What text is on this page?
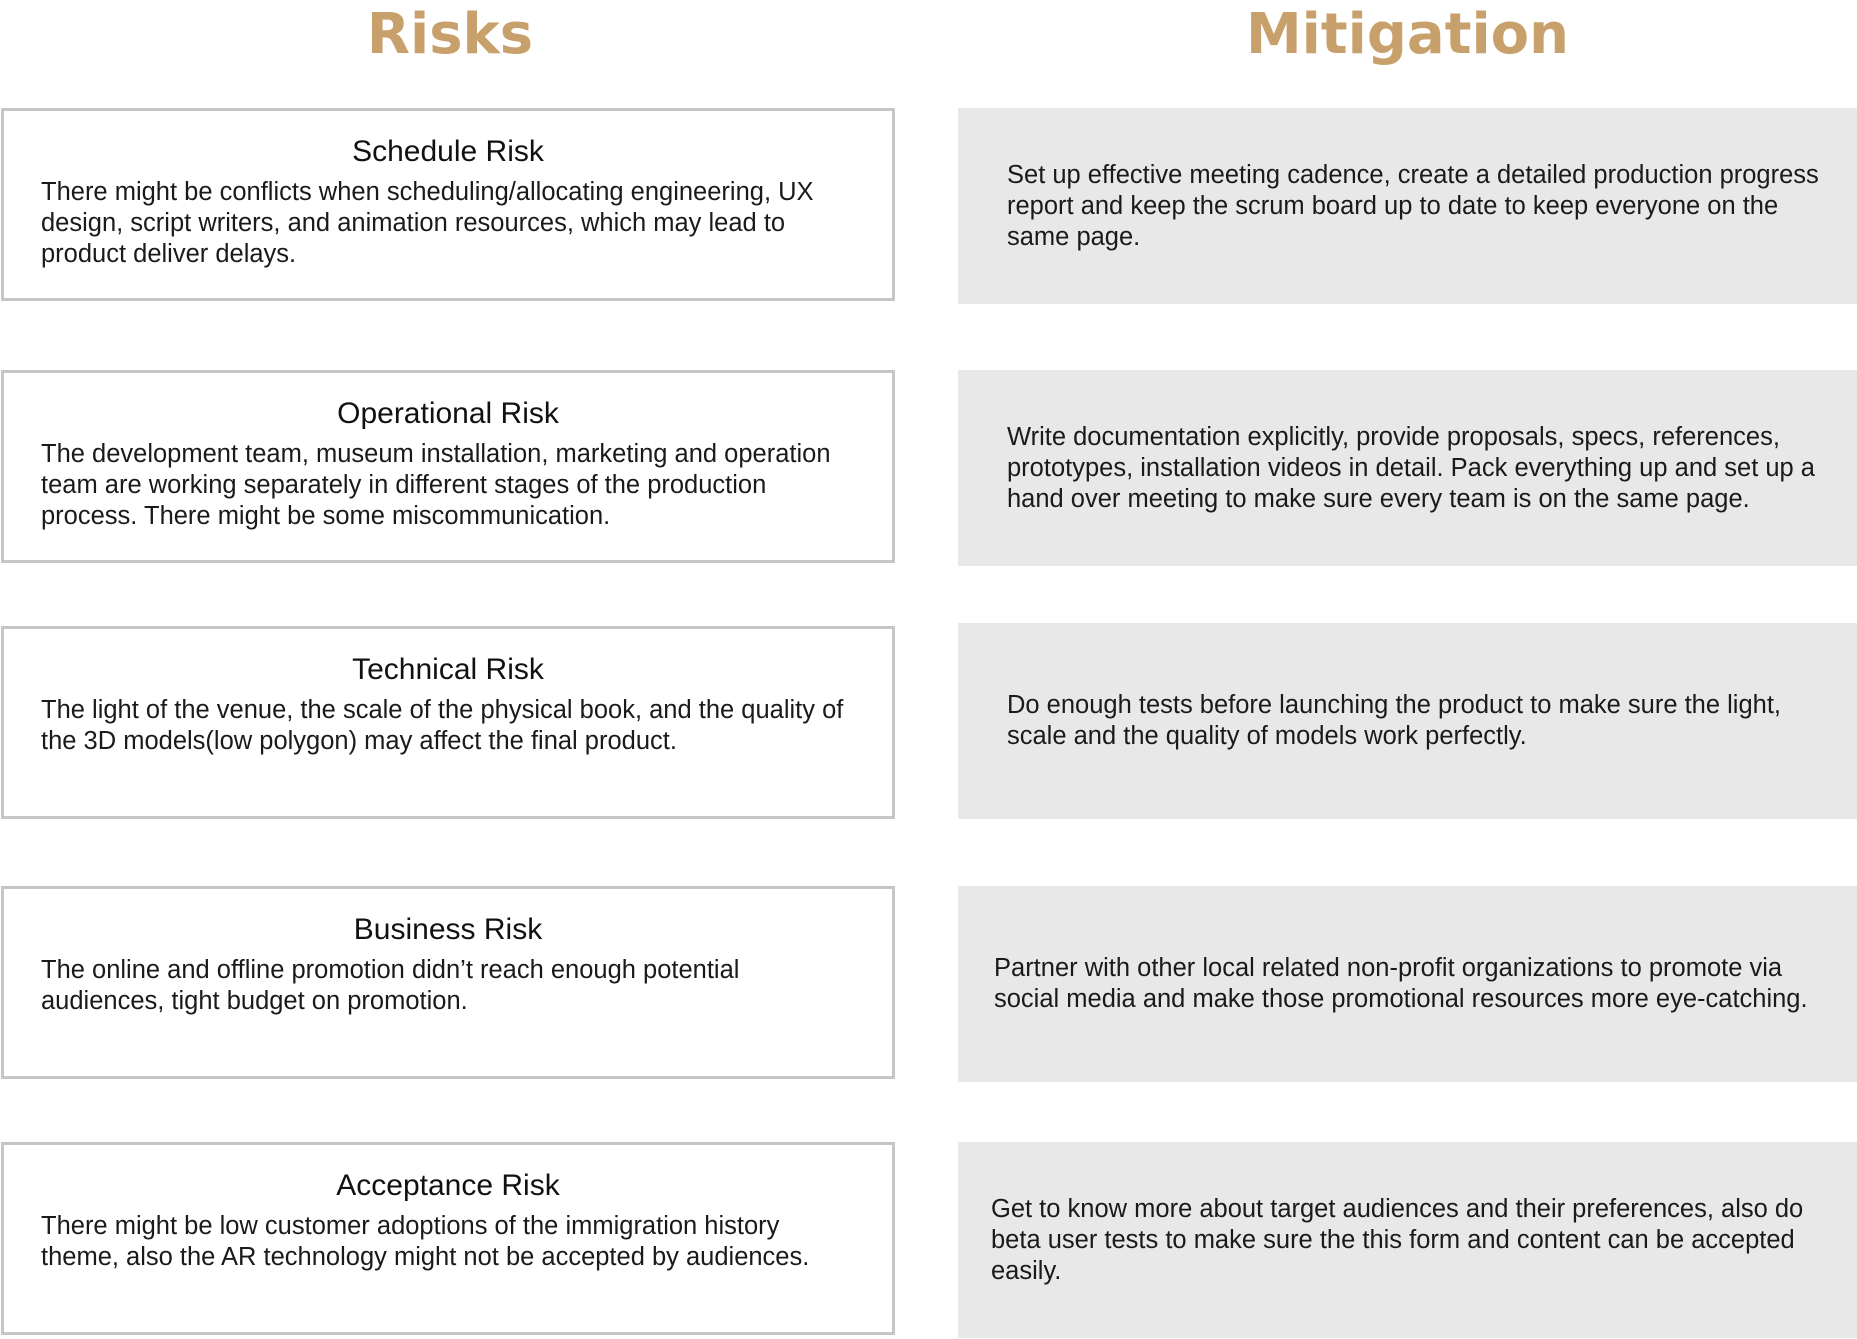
Risks	Mitigation
Schedule Risk

There might be conflicts when scheduling/allocating engineering, UX design, script writers, and animation resources, which may lead to product deliver delays.

Set up effective meeting cadence, create a detailed production progress report and keep the scrum board up to date to keep everyone on the same page.

Operational Risk

The development team, museum installation, marketing and operation team are working separately in different stages of the production process. There might be some miscommunication.

Write documentation explicitly, provide proposals, specs, references, prototypes, installation videos in detail. Pack everything up and set up a hand over meeting to make sure every team is on the same page.

Technical Risk

The light of the venue, the scale of the physical book, and the quality of the 3D models(low polygon) may affect the final product.

Do enough tests before launching the product to make sure the light, scale and the quality of models work perfectly.

Business Risk

The online and offline promotion didn’t reach enough potential audiences, tight budget on promotion.

Partner with other local related non-profit organizations to promote via social media and make those promotional resources more eye-catching.

Acceptance Risk

There might be low customer adoptions of the immigration history theme, also the AR technology might not be accepted by audiences.

Get to know more about target audiences and their preferences, also do beta user tests to make sure the this form and content can be accepted easily.
